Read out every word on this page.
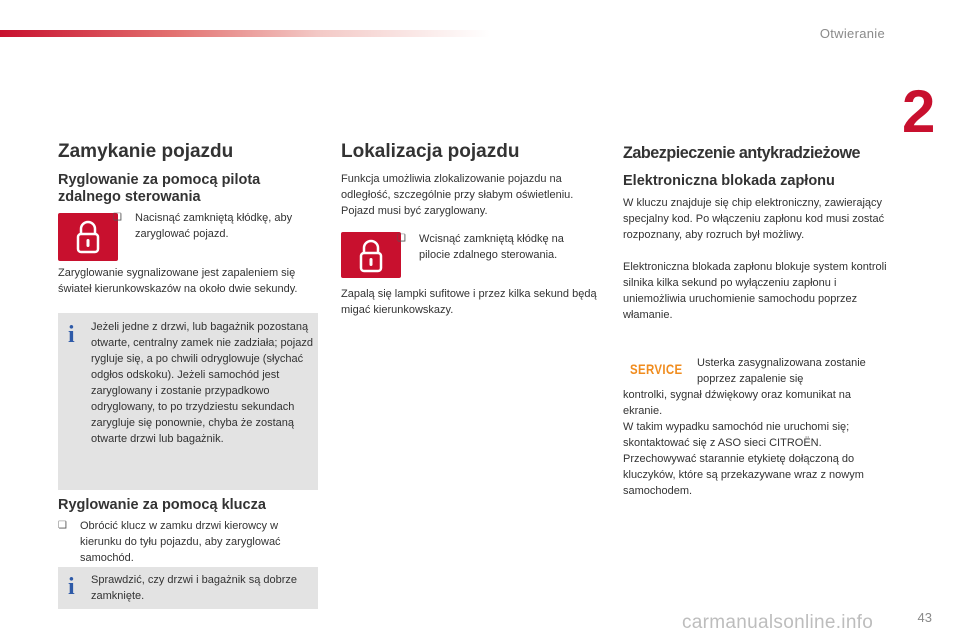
Otwieranie
2
Zamykanie pojazdu
Ryglowanie za pomocą pilota zdalnego sterowania
❏ Nacisnąć zamkniętą kłódkę, aby zaryglować pojazd.

Zaryglowanie sygnalizowane jest zapaleniem się świateł kierunkowskazów na około dwie sekundy.

i Jeżeli jedne z drzwi, lub bagażnik pozostaną otwarte, centralny zamek nie zadziała; pojazd rygluje się, a po chwili odryglowuje (słychać odgłos odskoku). Jeżeli samochód jest zaryglowany i zostanie przypadkowo odryglowany, to po trzydziestu sekundach zarygluje się ponownie, chyba że zostaną otwarte drzwi lub bagażnik.

Ryglowanie za pomocą klucza
❏ Obrócić klucz w zamku drzwi kierowcy w kierunku do tyłu pojazdu, aby zaryglować samochód.
i Sprawdzić, czy drzwi i bagażnik są dobrze zamknięte.

Lokalizacja pojazdu

Funkcja umożliwia zlokalizowanie pojazdu na odległość, szczególnie przy słabym oświetleniu. Pojazd musi być zaryglowany.

❏ Wcisnąć zamkniętą kłódkę na pilocie zdalnego sterowania.

Zapalą się lampki sufitowe i przez kilka sekund będą migać kierunkowskazy.

Zabezpieczenie antykradzieżowe
Elektroniczna blokada zapłonu

W kluczu znajduje się chip elektroniczny, zawierający specjalny kod. Po włączeniu zapłonu kod musi zostać rozpoznany, aby rozruch był możliwy.

Elektroniczna blokada zapłonu blokuje system kontroli silnika kilka sekund po wyłączeniu zapłonu i uniemożliwia uruchomienie samochodu poprzez włamanie.

SERVICE Usterka zasygnalizowana zostanie poprzez zapalenie się

kontrolki, sygnał dźwiękowy oraz komunikat na ekranie.

W takim wypadku samochód nie uruchomi się; skontaktować się z ASO sieci CITROËN.

Przechowywać starannie etykietę dołączoną do kluczyków, które są przekazywane wraz z nowym samochodem.

carmanualsonline.info	43
